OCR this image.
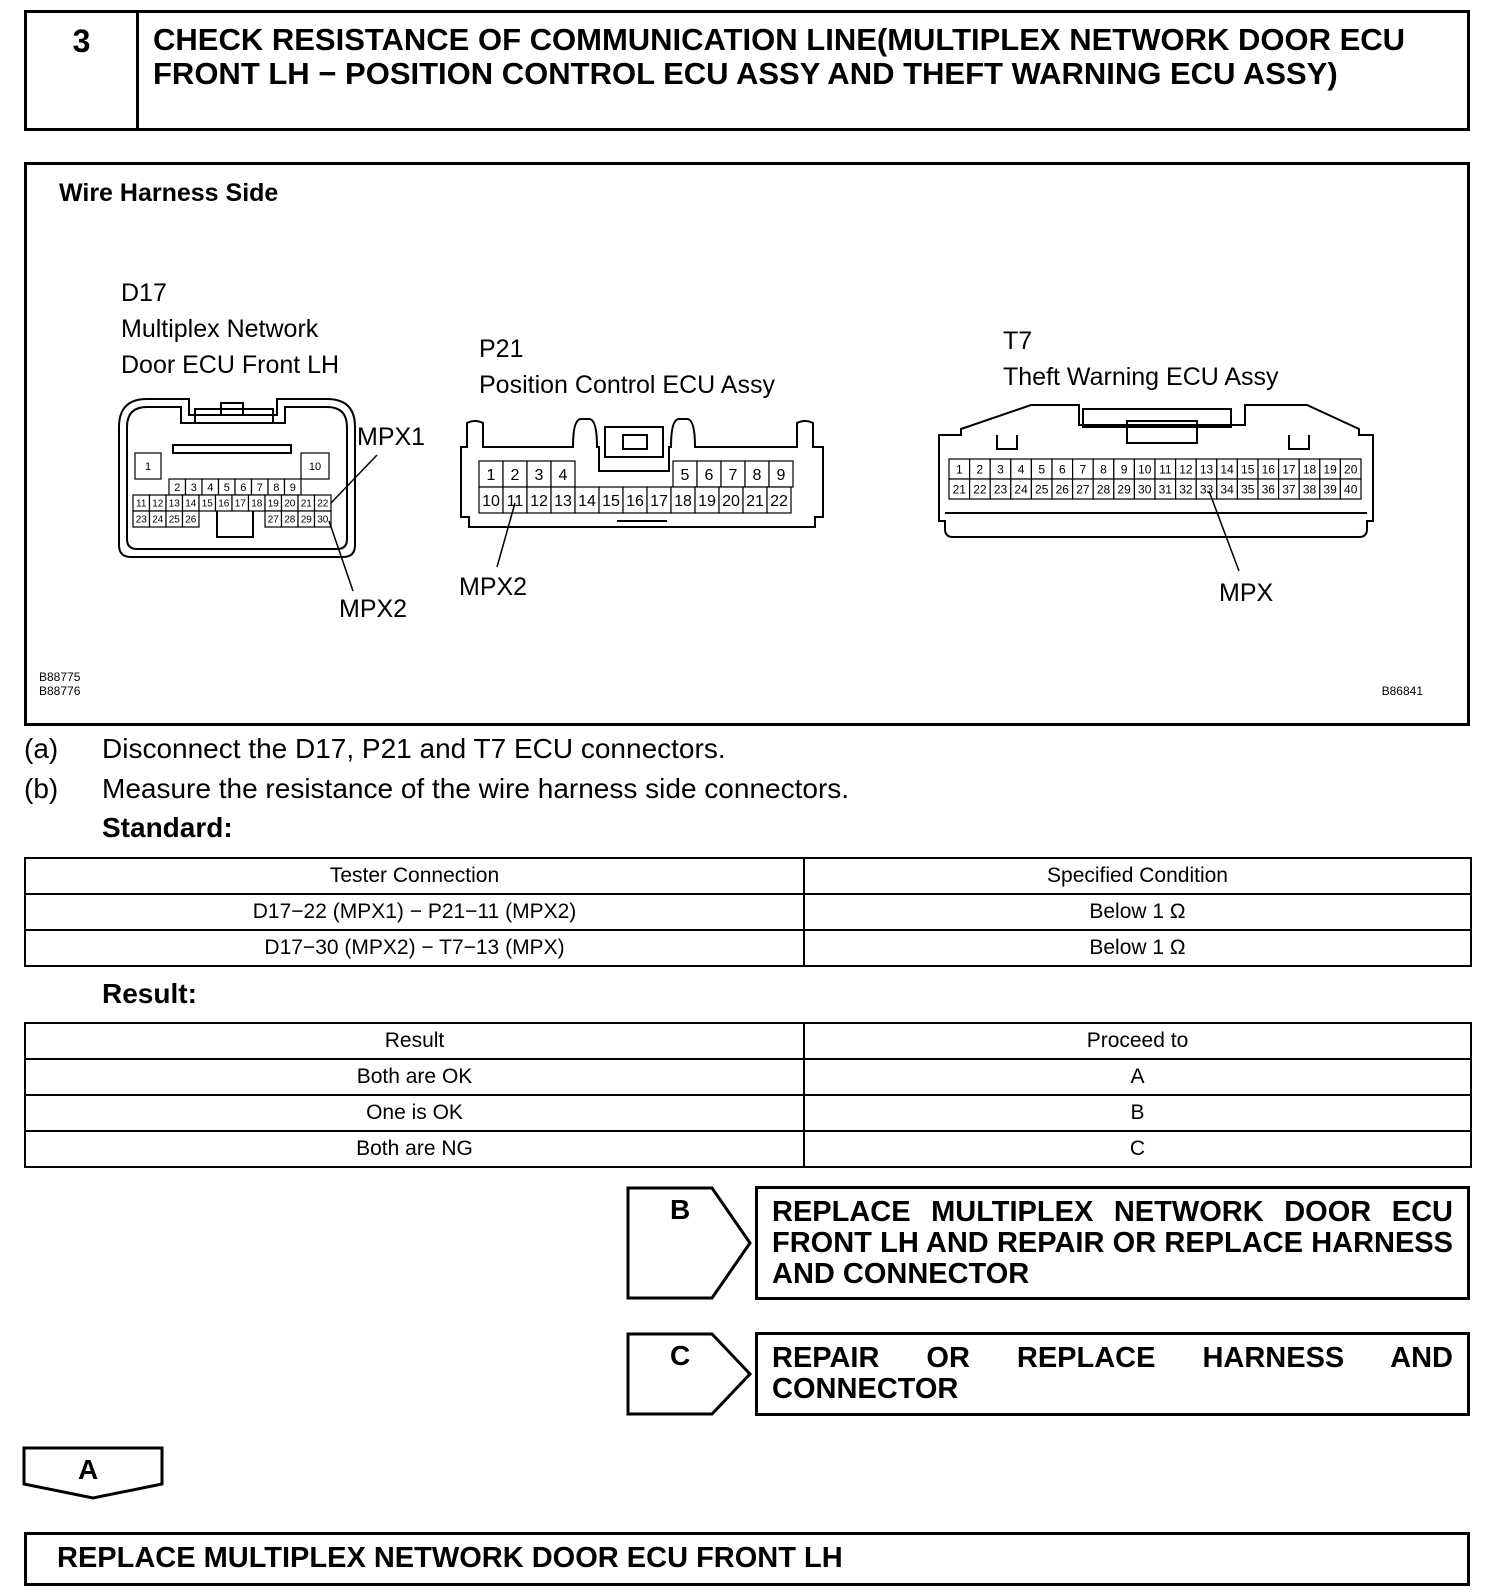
3	CHECK RESISTANCE OF COMMUNICATION LINE(MULTIPLEX NETWORK DOOR ECU FRONT LH − POSITION CONTROL ECU ASSY AND THEFT WARNING ECU ASSY)
Wire Harness Side
D17
Multiplex Network
Door ECU Front LH
P21
Position Control ECU Assy
T7
Theft Warning ECU Assy
1	10
2 3 4 5 6 7 8 9
11 12 13 14 15 16 17 18 19 20 21 22
23 24 25 26	27 28 29 30
1 2 3 4	5 6 7 8 9
10 11 12 13 14 15 16 17 18 19 20 21 22
1 2 3 4 5 6 7 8 9 10 11 12 13 14 15 16 17 18 19 20
21 22 23 24 25 26 27 28 29 30 31 32 33 34 35 36 37 38 39 40
MPX1
MPX2
MPX2	MPX
B88775
B88776	B86841
(a) Disconnect the D17, P21 and T7 ECU connectors.
(b) Measure the resistance of the wire harness side connectors.
Standard:
Tester Connection	Specified Condition
D17−22 (MPX1) − P21−11 (MPX2)	Below 1 Ω
D17−30 (MPX2) − T7−13 (MPX)	Below 1 Ω
Result:
Result	Proceed to
Both are OK	A
One is OK	B
Both are NG	C
B	REPLACE MULTIPLEX NETWORK DOOR ECU FRONT LH AND REPAIR OR REPLACE HARNESS AND CONNECTOR
C	REPAIR OR REPLACE HARNESS AND CONNECTOR
A
REPLACE MULTIPLEX NETWORK DOOR ECU FRONT LH
